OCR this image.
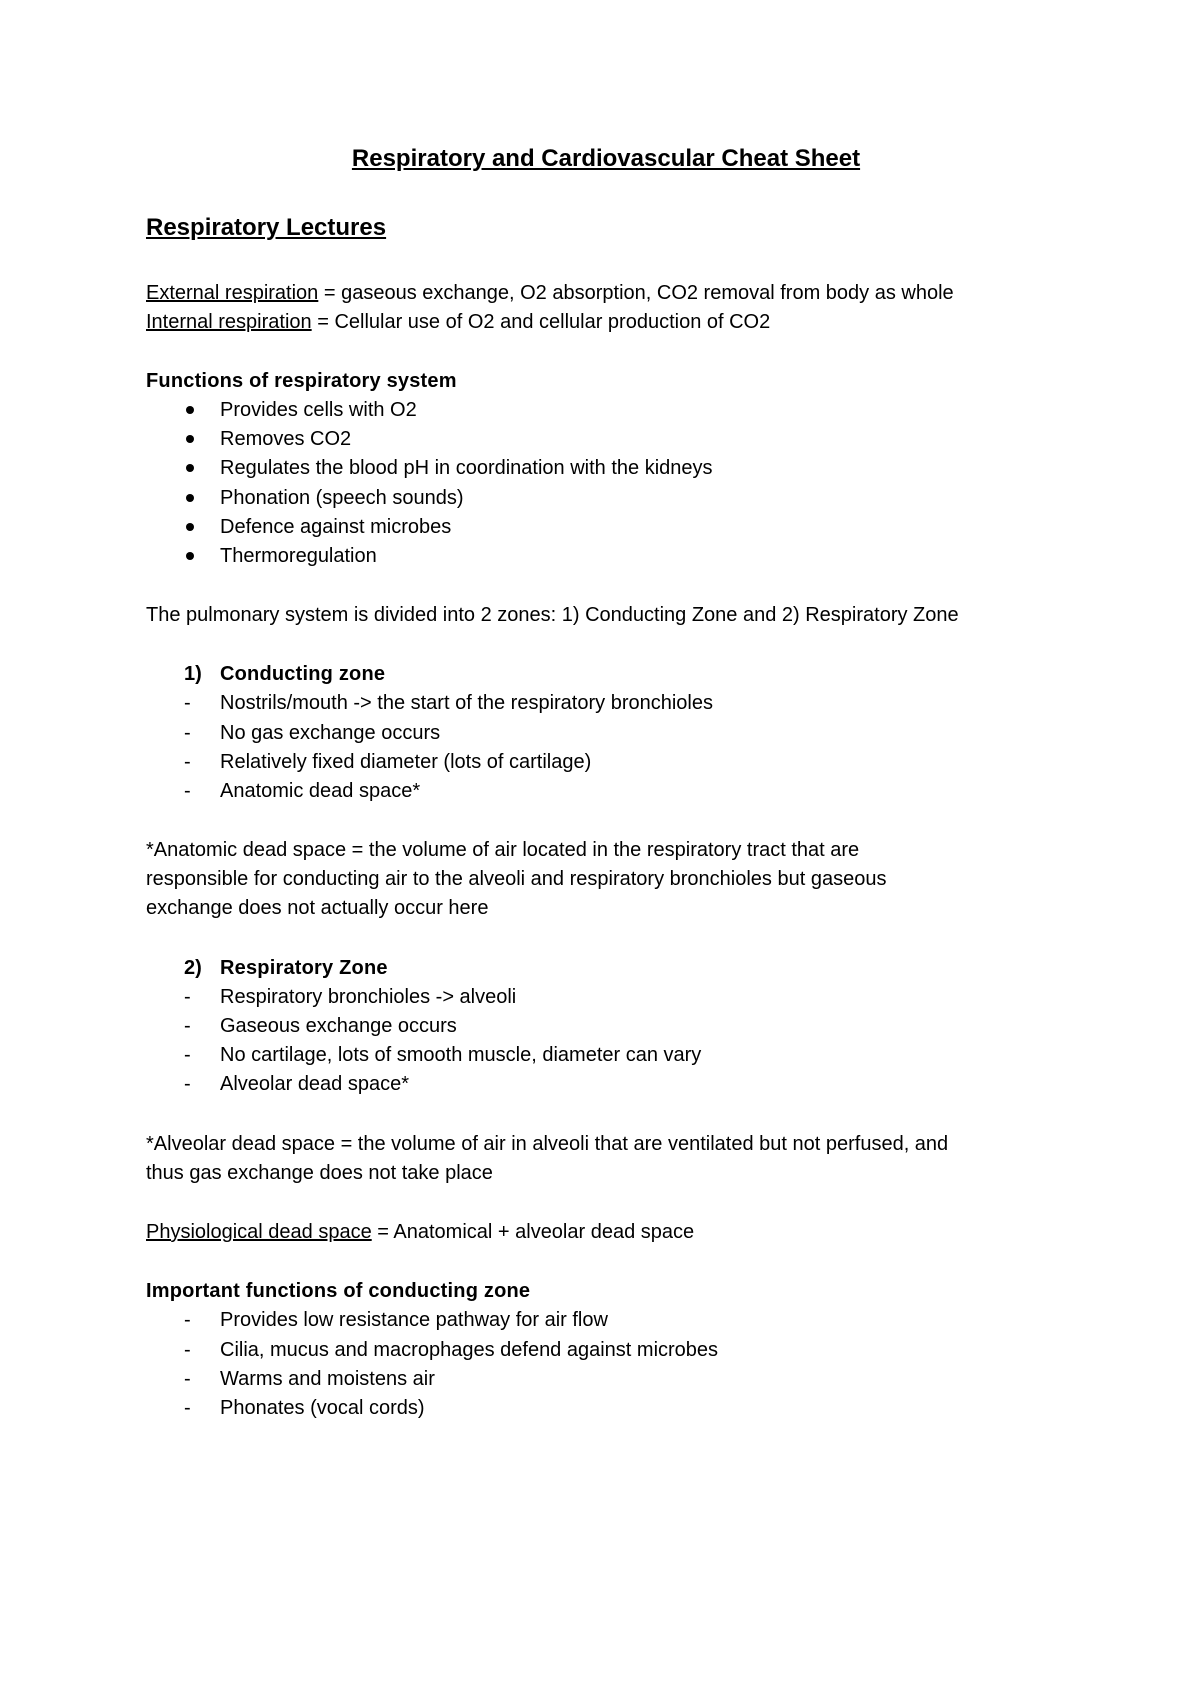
Respiratory and Cardiovascular Cheat Sheet
Respiratory Lectures
External respiration = gaseous exchange, O2 absorption, CO2 removal from body as whole
Internal respiration = Cellular use of O2 and cellular production of CO2
Functions of respiratory system
Provides cells with O2
Removes CO2
Regulates the blood pH in coordination with the kidneys
Phonation (speech sounds)
Defence against microbes
Thermoregulation
The pulmonary system is divided into 2 zones: 1) Conducting Zone and 2) Respiratory Zone
1) Conducting zone
- Nostrils/mouth -> the start of the respiratory bronchioles
- No gas exchange occurs
- Relatively fixed diameter (lots of cartilage)
- Anatomic dead space*
*Anatomic dead space = the volume of air located in the respiratory tract that are
responsible for conducting air to the alveoli and respiratory bronchioles but gaseous
exchange does not actually occur here
2) Respiratory Zone
- Respiratory bronchioles -> alveoli
- Gaseous exchange occurs
- No cartilage, lots of smooth muscle, diameter can vary
- Alveolar dead space*
*Alveolar dead space = the volume of air in alveoli that are ventilated but not perfused, and
thus gas exchange does not take place
Physiological dead space = Anatomical + alveolar dead space
Important functions of conducting zone
- Provides low resistance pathway for air flow
- Cilia, mucus and macrophages defend against microbes
- Warms and moistens air
- Phonates (vocal cords)
